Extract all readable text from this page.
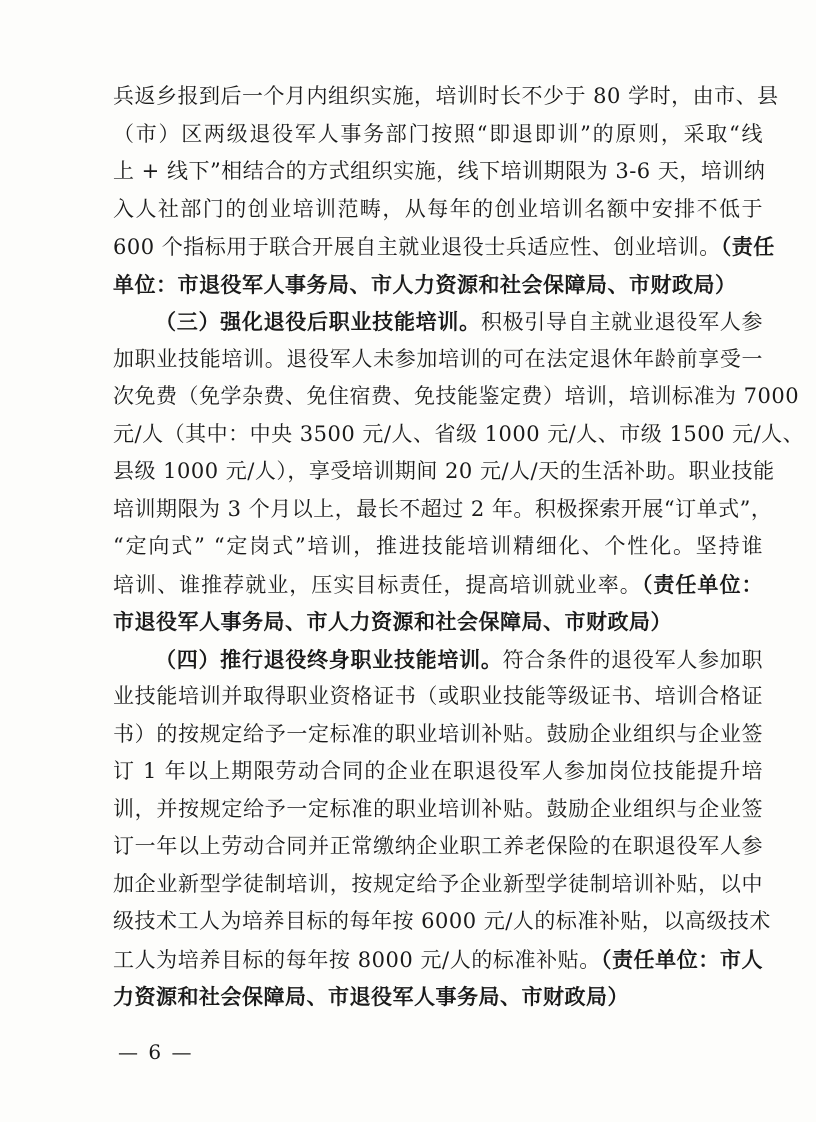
兵返乡报到后一个月内组织实施，培训时长不少于 80 学时，由市、县
（市）区两级退役军人事务部门按照“即退即训”的原则，采取“线
上 + 线下”相结合的方式组织实施，线下培训期限为 3-6 天，培训纳
入人社部门的创业培训范畴，从每年的创业培训名额中安排不低于
600 个指标用于联合开展自主就业退役士兵适应性、创业培训。（责任
单位：市退役军人事务局、市人力资源和社会保障局、市财政局）
（三）强化退役后职业技能培训。积极引导自主就业退役军人参
加职业技能培训。退役军人未参加培训的可在法定退休年龄前享受一
次免费（免学杂费、免住宿费、免技能鉴定费）培训，培训标准为 7000
元/人（其中：中央 3500 元/人、省级 1000 元/人、市级 1500 元/人、
县级 1000 元/人），享受培训期间 20 元/人/天的生活补助。职业技能
培训期限为 3 个月以上，最长不超过 2 年。积极探索开展“订单式”，
“定向式” “定岗式”培训，推进技能培训精细化、个性化。坚持谁
培训、谁推荐就业，压实目标责任，提高培训就业率。（责任单位：
市退役军人事务局、市人力资源和社会保障局、市财政局）
（四）推行退役终身职业技能培训。符合条件的退役军人参加职
业技能培训并取得职业资格证书（或职业技能等级证书、培训合格证
书）的按规定给予一定标准的职业培训补贴。鼓励企业组织与企业签
订 1 年以上期限劳动合同的企业在职退役军人参加岗位技能提升培
训，并按规定给予一定标准的职业培训补贴。鼓励企业组织与企业签
订一年以上劳动合同并正常缴纳企业职工养老保险的在职退役军人参
加企业新型学徒制培训，按规定给予企业新型学徒制培训补贴，以中
级技术工人为培养目标的每年按 6000 元/人的标准补贴，以高级技术
工人为培养目标的每年按 8000 元/人的标准补贴。（责任单位：市人
力资源和社会保障局、市退役军人事务局、市财政局）
— 6 —
